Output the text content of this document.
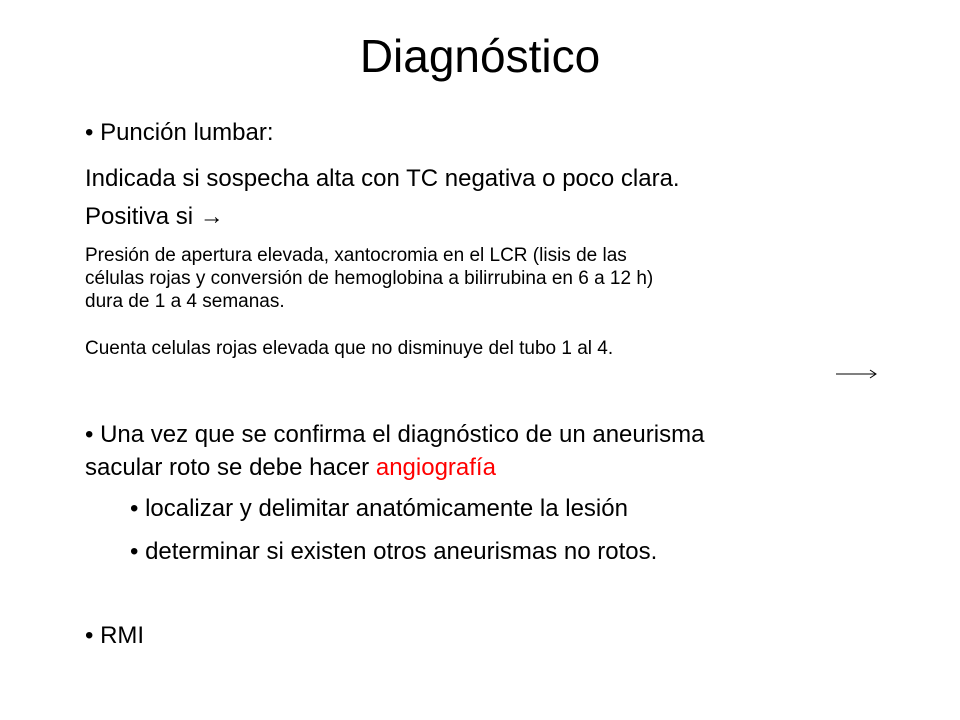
Diagnóstico
• Punción lumbar:
Indicada si sospecha alta con TC negativa o poco clara.
Positiva si →
Presión de apertura elevada, xantocromia en el LCR (lisis de las
células rojas y conversión de hemoglobina a bilirrubina en 6 a 12 h)
dura de 1 a 4 semanas.
Cuenta celulas rojas elevada que no disminuye del tubo 1 al 4.
• Una vez que se confirma el diagnóstico de un aneurisma
sacular roto se debe hacer angiografía
• localizar y delimitar anatómicamente la lesión
• determinar si existen otros aneurismas no rotos.
• RMI
